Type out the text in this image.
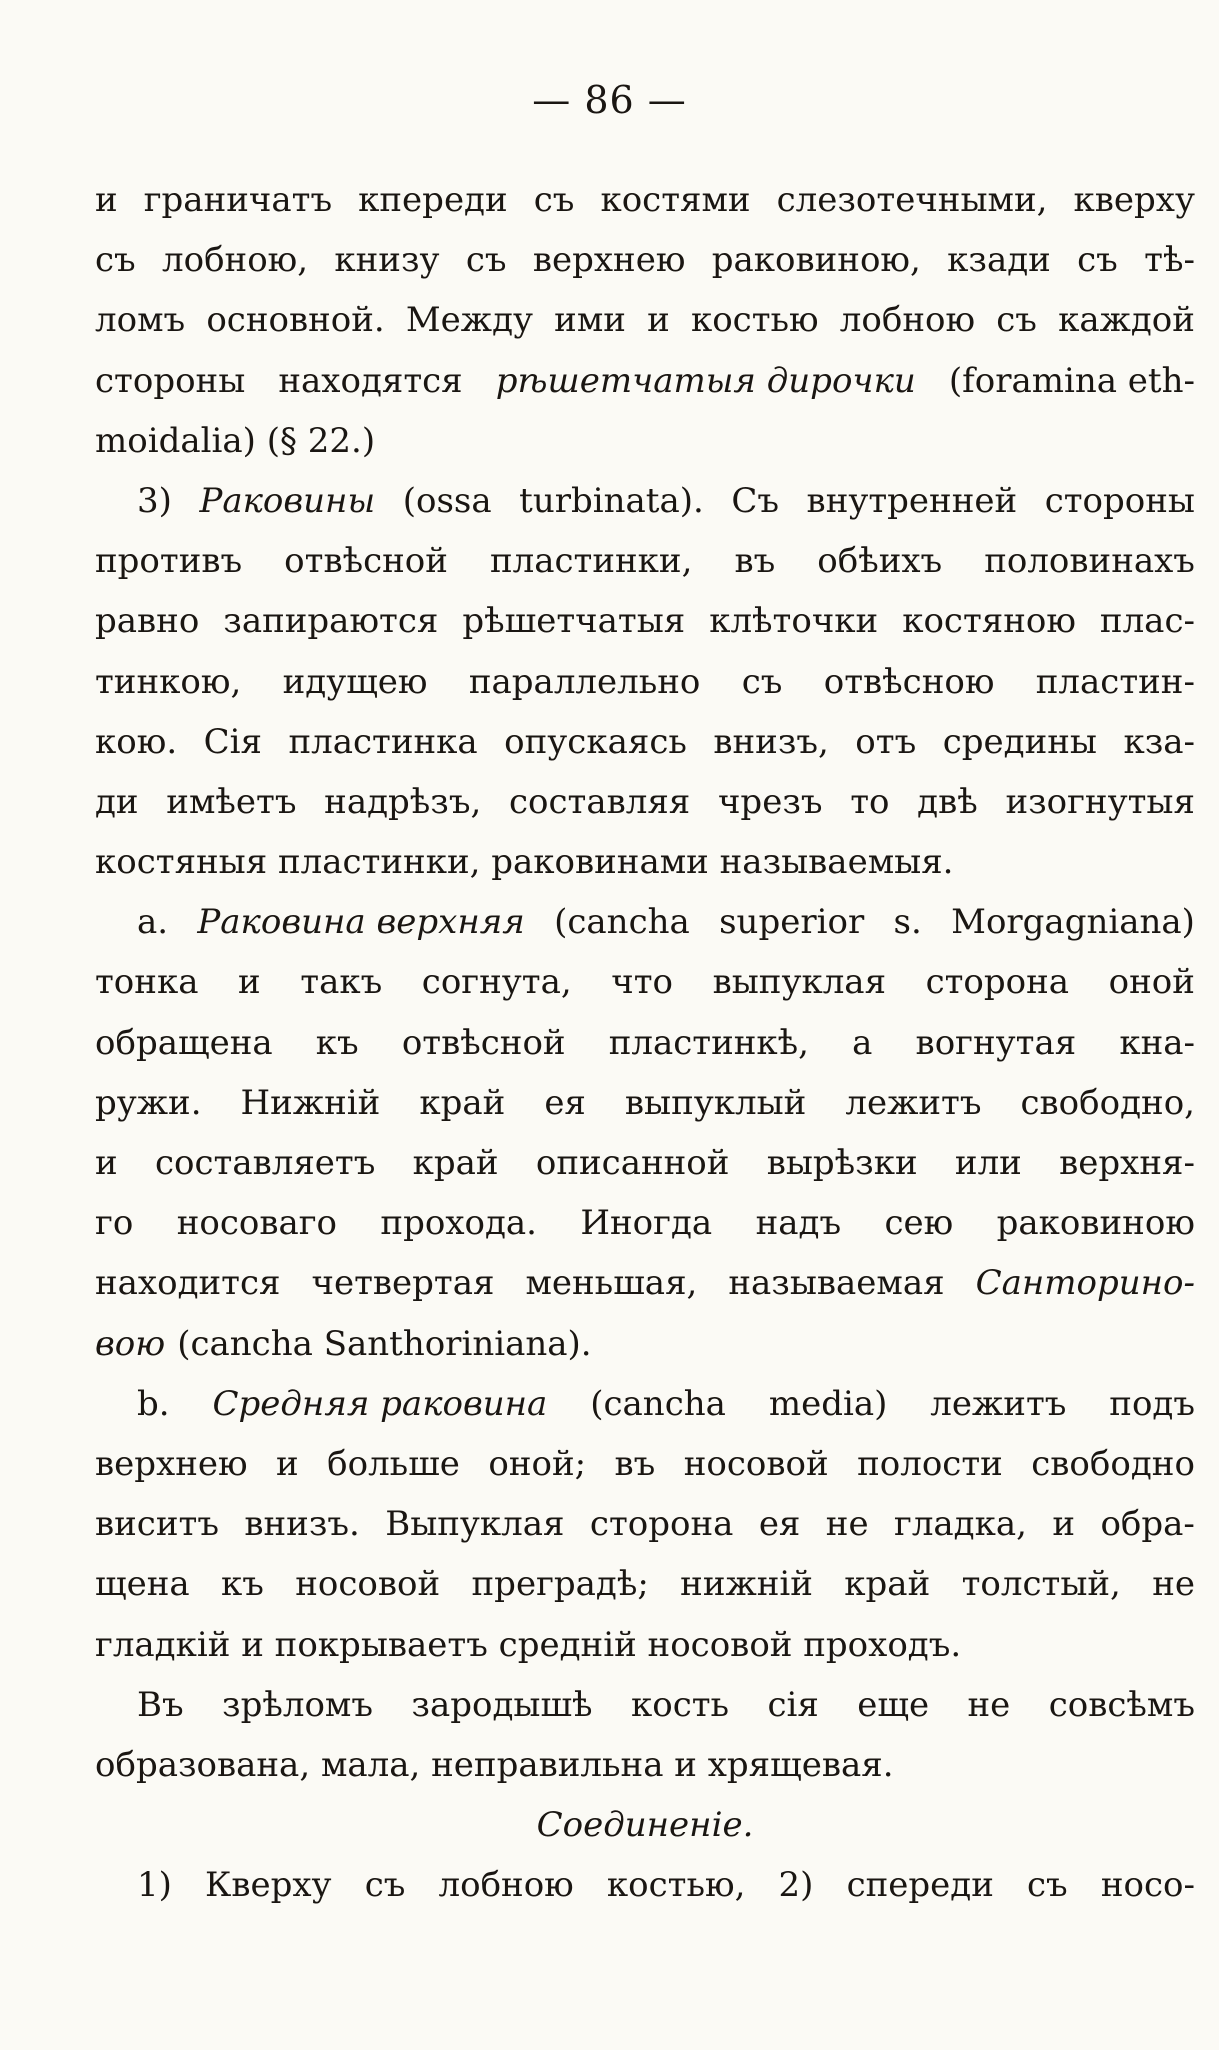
— 86 —
и граничатъ кпереди съ костями слезотечными, кверху
съ лобною, книзу съ верхнею раковиною, кзади съ тѣ-
ломъ основной. Между ими и костью лобною съ каждой
стороны находятся рѣшетчатыя дирочки (foramina eth-
moidalia) (§ 22.)
3) Раковины (ossa turbinata). Съ внутренней стороны
противъ отвѣсной пластинки, въ обѣихъ половинахъ
равно запираются рѣшетчатыя клѣточки костяною плас-
тинкою, идущею параллельно съ отвѣсною пластин-
кою. Сія пластинка опускаясь внизъ, отъ средины кза-
ди имѣетъ надрѣзъ, составляя чрезъ то двѣ изогнутыя
костяныя пластинки, раковинами называемыя.
a. Раковина верхняя (cancha superior s. Morgagniana)
тонка и такъ согнута, что выпуклая сторона оной
обращена къ отвѣсной пластинкѣ, а вогнутая кна-
ружи. Нижнiй край ея выпуклый лежитъ свободно,
и составляетъ край описанной вырѣзки или верхня-
го носоваго прохода. Иногда надъ сею раковиною
находится четвертая меньшая, называемая Санторино-
вою (cancha Santhoriniana).
b. Средняя раковина (cancha media) лежитъ подъ
верхнею и больше оной; въ носовой полости свободно
виситъ внизъ. Выпуклая сторона ея не гладка, и обра-
щена къ носовой преградѣ; нижнiй край толстый, не
гладкiй и покрываетъ среднiй носовой проходъ.
Въ зрѣломъ зародышѣ кость сiя еще не совсѣмъ
образована, мала, неправильна и хрящевая.
Соединенiе.
1) Кверху съ лобною костью, 2) спереди съ носо-
